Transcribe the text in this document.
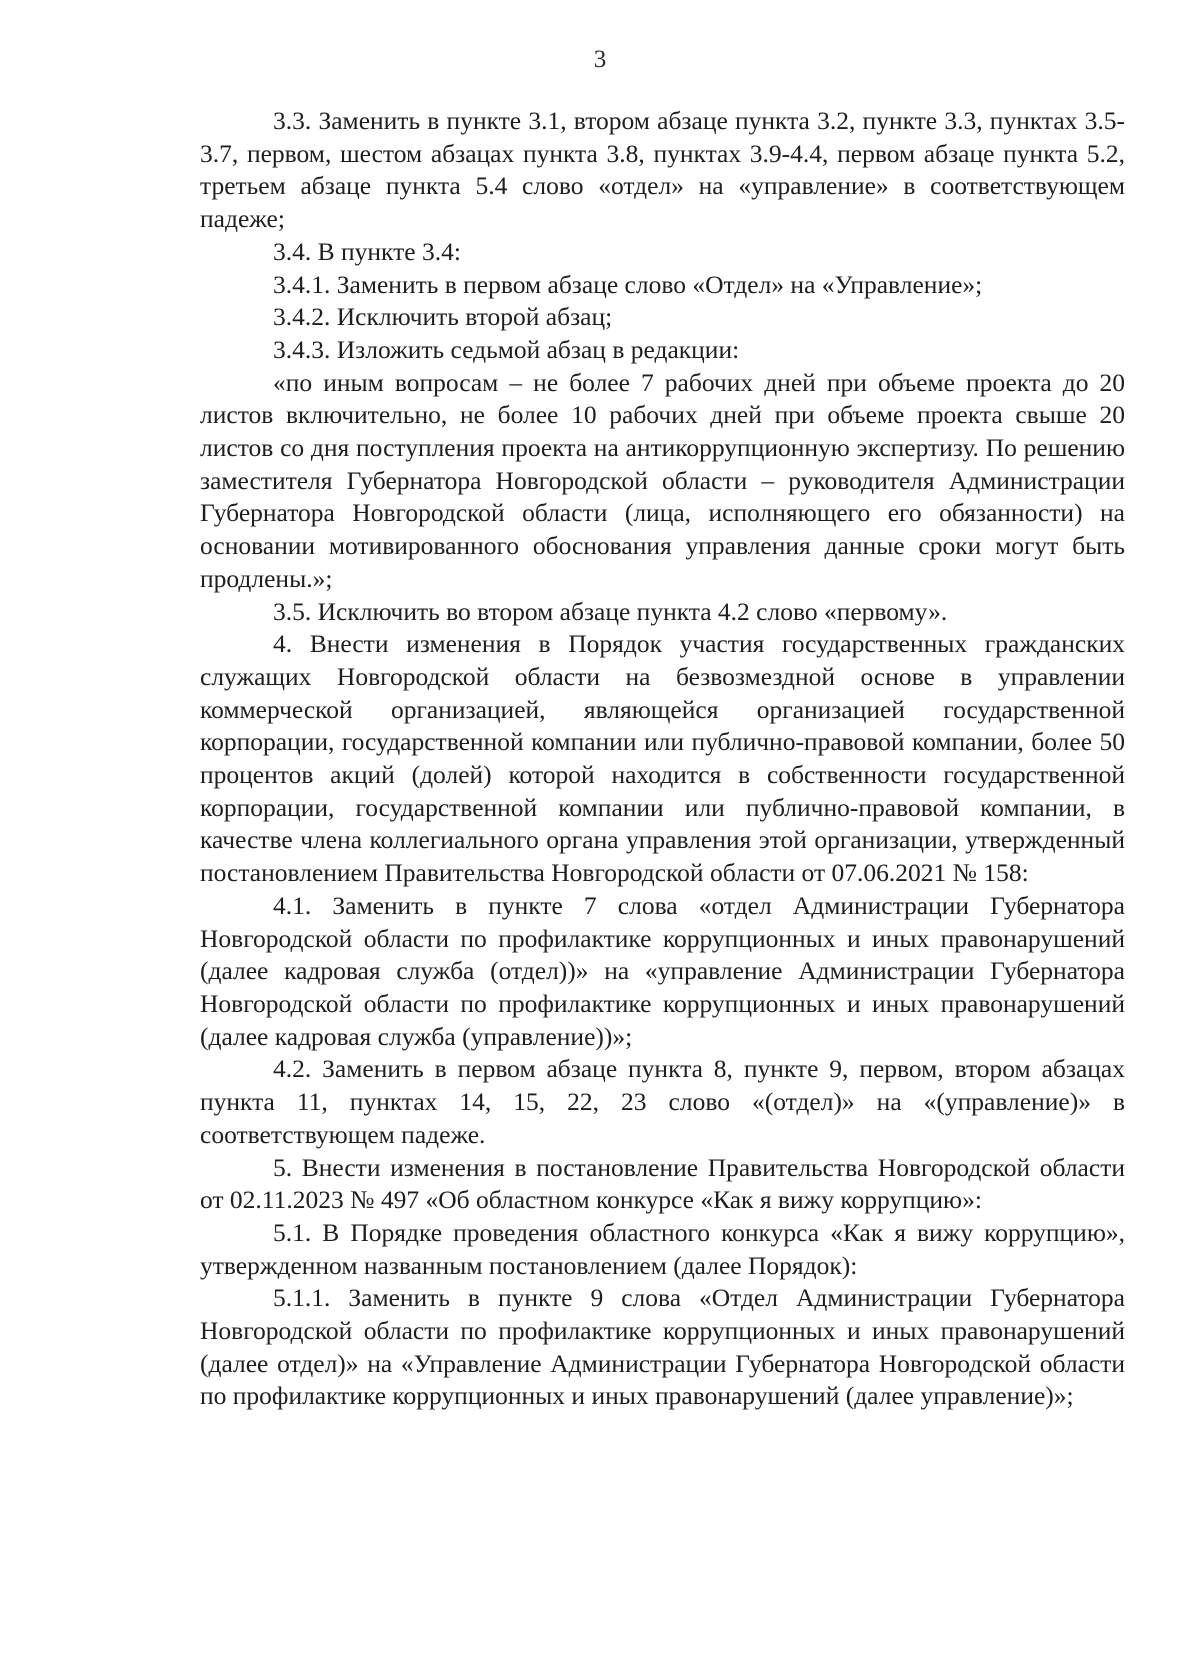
3

3.3. Заменить в пункте 3.1, втором абзаце пункта 3.2, пункте 3.3, пунктах 3.5-3.7, первом, шестом абзацах пункта 3.8, пунктах 3.9-4.4, первом абзаце пункта 5.2, третьем абзаце пункта 5.4 слово «отдел» на «управление» в соответствующем падеже;

3.4. В пункте 3.4:

3.4.1. Заменить в первом абзаце слово «Отдел» на «Управление»;

3.4.2. Исключить второй абзац;

3.4.3. Изложить седьмой абзац в редакции:

«по иным вопросам – не более 7 рабочих дней при объеме проекта до 20 листов включительно, не более 10 рабочих дней при объеме проекта свыше 20 листов со дня поступления проекта на антикоррупционную экспертизу. По решению заместителя Губернатора Новгородской области – руководителя Администрации Губернатора Новгородской области (лица, исполняющего его обязанности) на основании мотивированного обоснования управления данные сроки могут быть продлены.»;

3.5. Исключить во втором абзаце пункта 4.2 слово «первому».

4. Внести изменения в Порядок участия государственных гражданских служащих Новгородской области на безвозмездной основе в управлении коммерческой организацией, являющейся организацией государственной корпорации, государственной компании или публично-правовой компании, более 50 процентов акций (долей) которой находится в собственности государственной корпорации, государственной компании или публично-правовой компании, в качестве члена коллегиального органа управления этой организации, утвержденный постановлением Правительства Новгородской области от 07.06.2021 № 158:

4.1. Заменить в пункте 7 слова «отдел Администрации Губернатора Новгородской области по профилактике коррупционных и иных правонарушений (далее кадровая служба (отдел))» на «управление Администрации Губернатора Новгородской области по профилактике коррупционных и иных правонарушений (далее кадровая служба (управление))»;

4.2. Заменить в первом абзаце пункта 8, пункте 9, первом, втором абзацах пункта 11, пунктах 14, 15, 22, 23 слово «(отдел)» на «(управление)» в соответствующем падеже.

5. Внести изменения в постановление Правительства Новгородской области от 02.11.2023 № 497 «Об областном конкурсе «Как я вижу коррупцию»:

5.1. В Порядке проведения областного конкурса «Как я вижу коррупцию», утвержденном названным постановлением (далее Порядок):

5.1.1. Заменить в пункте 9 слова «Отдел Администрации Губернатора Новгородской области по профилактике коррупционных и иных правонарушений (далее отдел)» на «Управление Администрации Губернатора Новгородской области по профилактике коррупционных и иных правонарушений (далее управление)»;
